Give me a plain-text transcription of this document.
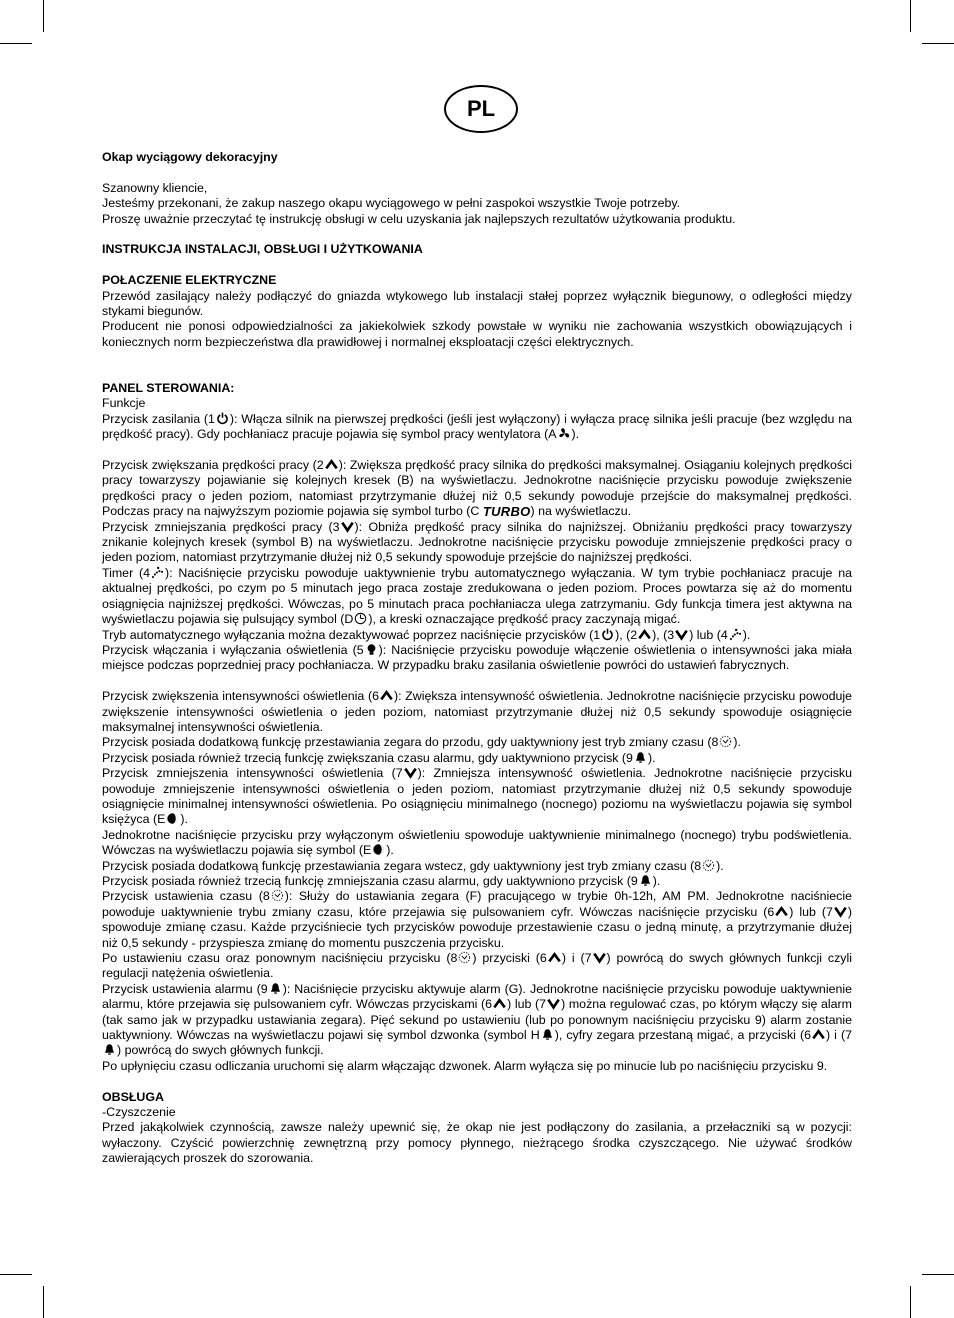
PL

Okap wyciągowy dekoracyjny

Szanowny kliencie,

Jesteśmy przekonani, że zakup naszego okapu wyciągowego w pełni zaspokoi wszystkie Twoje potrzeby.

Proszę uważnie przeczytać tę instrukcję obsługi w celu uzyskania jak najlepszych rezultatów użytkowania produktu.

INSTRUKCJA INSTALACJI, OBSŁUGI I UŻYTKOWANIA

POŁACZENIE ELEKTRYCZNE

Przewód zasilający należy podłączyć do gniazda wtykowego lub instalacji stałej poprzez wyłącznik biegunowy, o odległości między stykami biegunów.

Producent nie ponosi odpowiedzialności za jakiekolwiek szkody powstałe w wyniku nie zachowania wszystkich obowiązujących i koniecznych norm bezpieczeństwa dla prawidłowej i normalnej eksploatacji części elektrycznych.

PANEL STEROWANIA:

Funkcje

Przycisk zasilania (1 ): Włącza silnik na pierwszej prędkości (jeśli jest wyłączony) i wyłącza pracę silnika jeśli pracuje (bez względu na prędkość pracy). Gdy pochłaniacz pracuje pojawia się symbol pracy wentylatora (A ).

Przycisk zwiększania prędkości pracy (2 ): Zwiększa prędkość pracy silnika do prędkości maksymalnej. Osiąganiu kolejnych prędkości pracy towarzyszy pojawianie się kolejnych kresek (B) na wyświetlaczu. Jednokrotne naciśnięcie przycisku powoduje zwiększenie prędkości pracy o jeden poziom, natomiast przytrzymanie dłużej niż 0,5 sekundy powoduje przejście do maksymalnej prędkości. Podczas pracy na najwyższym poziomie pojawia się symbol turbo (C TURBO) na wyświetlaczu.

Przycisk zmniejszania prędkości pracy (3 ): Obniża prędkość pracy silnika do najniższej. Obniżaniu prędkości pracy towarzyszy znikanie kolejnych kresek (symbol B) na wyświetlaczu. Jednokrotne naciśnięcie przycisku powoduje zmniejszenie prędkości pracy o jeden poziom, natomiast przytrzymanie dłużej niż 0,5 sekundy spowoduje przejście do najniższej prędkości.

Timer (4 ): Naciśnięcie przycisku powoduje uaktywnienie trybu automatycznego wyłączania. W tym trybie pochłaniacz pracuje na aktualnej prędkości, po czym po 5 minutach jego praca zostaje zredukowana o jeden poziom. Proces powtarza się aż do momentu osiągnięcia najniższej prędkości. Wówczas, po 5 minutach praca pochłaniacza ulega zatrzymaniu. Gdy funkcja timera jest aktywna na wyświetlaczu pojawia się pulsujący symbol (D ), a kreski oznaczające prędkość pracy zaczynają migać.

Tryb automatycznego wyłączania można dezaktywować poprzez naciśnięcie przycisków (1 ), (2 ), (3 ) lub (4 ).

Przycisk włączania i wyłączania oświetlenia (5 ): Naciśnięcie przycisku powoduje włączenie oświetlenia o intensywności jaka miała miejsce podczas poprzedniej pracy pochłaniacza. W przypadku braku zasilania oświetlenie powróci do ustawień fabrycznych.

Przycisk zwiększenia intensywności oświetlenia (6 ): Zwiększa intensywność oświetlenia. Jednokrotne naciśnięcie przycisku powoduje zwiększenie intensywności oświetlenia o jeden poziom, natomiast przytrzymanie dłużej niż 0,5 sekundy spowoduje osiągnięcie maksymalnej intensywności oświetlenia.

Przycisk posiada dodatkową funkcję przestawiania zegara do przodu, gdy uaktywniony jest tryb zmiany czasu (8 ).

Przycisk posiada również trzecią funkcję zwiększania czasu alarmu, gdy uaktywniono przycisk (9 ).

Przycisk zmniejszenia intensywności oświetlenia (7 ): Zmniejsza intensywność oświetlenia. Jednokrotne naciśnięcie przycisku powoduje zmniejszenie intensywności oświetlenia o jeden poziom, natomiast przytrzymanie dłużej niż 0,5 sekundy spowoduje osiągnięcie minimalnej intensywności oświetlenia. Po osiągnięciu minimalnego (nocnego) poziomu na wyświetlaczu pojawia się symbol księżyca (E ).

Jednokrotne naciśnięcie przycisku przy wyłączonym oświetleniu spowoduje uaktywnienie minimalnego (nocnego) trybu podświetlenia. Wówczas na wyświetlaczu pojawia się symbol (E ).

Przycisk posiada dodatkową funkcję przestawiania zegara wstecz, gdy uaktywniony jest tryb zmiany czasu (8 ).

Przycisk posiada również trzecią funkcję zmniejszania czasu alarmu, gdy uaktywniono przycisk (9 ).

Przycisk ustawienia czasu (8 ): Służy do ustawiania zegara (F) pracującego w trybie 0h-12h, AM PM. Jednokrotne naciśniecie powoduje uaktywnienie trybu zmiany czasu, które przejawia się pulsowaniem cyfr. Wówczas naciśnięcie przycisku (6 ) lub (7 ) spowoduje zmianę czasu. Każde przyciśniecie tych przycisków powoduje przestawienie czasu o jedną minutę, a przytrzymanie dłużej niż 0,5 sekundy - przyspiesza zmianę do momentu puszczenia przycisku.

Po ustawieniu czasu oraz ponownym naciśnięciu przycisku (8 ) przyciski (6 ) i (7 ) powrócą do swych głównych funkcji czyli regulacji natężenia oświetlenia.

Przycisk ustawienia alarmu (9 ): Naciśnięcie przycisku aktywuje alarm (G). Jednokrotne naciśnięcie przycisku powoduje uaktywnienie alarmu, które przejawia się pulsowaniem cyfr. Wówczas przyciskami (6 ) lub (7 ) można regulować czas, po którym włączy się alarm (tak samo jak w przypadku ustawiania zegara). Pięć sekund po ustawieniu (lub po ponownym naciśnięciu przycisku 9) alarm zostanie uaktywniony. Wówczas na wyświetlaczu pojawi się symbol dzwonka (symbol H ), cyfry zegara przestaną migać, a przyciski (6 ) i (7
) powrócą do swych głównych funkcji.

Po upłynięciu czasu odliczania uruchomi się alarm włączając dzwonek. Alarm wyłącza się po minucie lub po naciśnięciu przycisku 9.

OBSŁUGA

-Czyszczenie

Przed jakąkolwiek czynnością, zawsze należy upewnić się, że okap nie jest podłączony do zasilania, a przełaczniki są w pozycji: wyłaczony. Czyścić powierzchnię zewnętrzną przy pomocy płynnego, nieżrącego środka czyszczącego. Nie używać środków zawierających proszek do szorowania.
